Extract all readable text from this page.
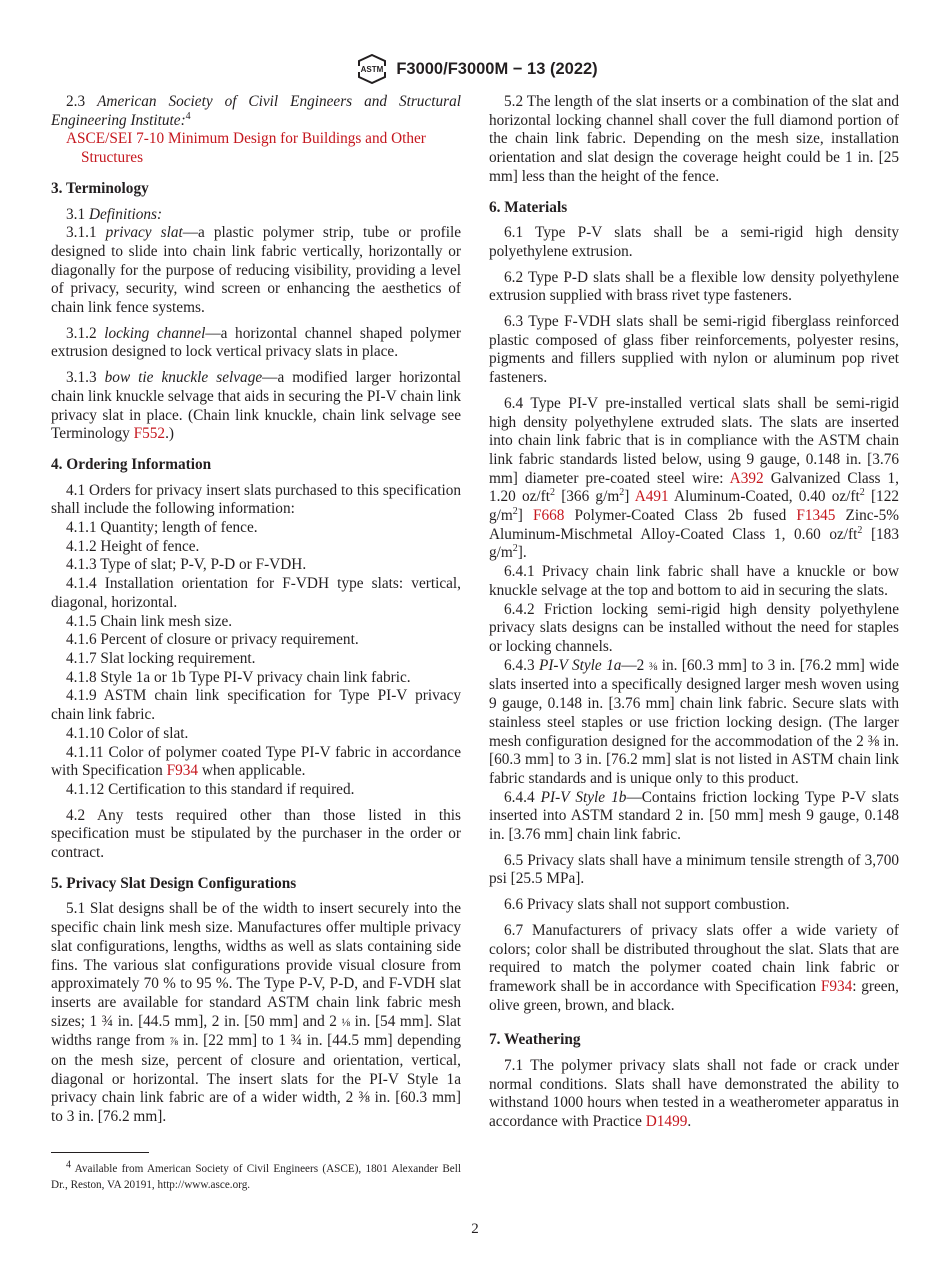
ASTM F3000/F3000M − 13 (2022)

2.3 American Society of Civil Engineers and Structural Engineering Institute:$^4$

ASCE/SEI 7-10 Minimum Design for Buildings and Other Structures

3. Terminology

3.1 Definitions:

3.1.1 privacy slat—a plastic polymer strip, tube or profile designed to slide into chain link fabric vertically, horizontally or diagonally for the purpose of reducing visibility, providing a level of privacy, security, wind screen or enhancing the aesthetics of chain link fence systems.

3.1.2 locking channel—a horizontal channel shaped polymer extrusion designed to lock vertical privacy slats in place.

3.1.3 bow tie knuckle selvage—a modified larger horizontal chain link knuckle selvage that aids in securing the PI-V chain link privacy slat in place. (Chain link knuckle, chain link selvage see Terminology F552.)

4. Ordering Information

4.1 Orders for privacy insert slats purchased to this specification shall include the following information:

4.1.1 Quantity; length of fence.

4.1.2 Height of fence.

4.1.3 Type of slat; P-V, P-D or F-VDH.

4.1.4 Installation orientation for F-VDH type slats: vertical, diagonal, horizontal.

4.1.5 Chain link mesh size.

4.1.6 Percent of closure or privacy requirement.

4.1.7 Slat locking requirement.

4.1.8 Style 1a or 1b Type PI-V privacy chain link fabric.

4.1.9 ASTM chain link specification for Type PI-V privacy chain link fabric.

4.1.10 Color of slat.

4.1.11 Color of polymer coated Type PI-V fabric in accordance with Specification F934 when applicable.

4.1.12 Certification to this standard if required.

4.2 Any tests required other than those listed in this specification must be stipulated by the purchaser in the order or contract.

5. Privacy Slat Design Configurations

5.1 Slat designs shall be of the width to insert securely into the specific chain link mesh size. Manufactures offer multiple privacy slat configurations, lengths, widths as well as slats containing side fins. The various slat configurations provide visual closure from approximately 70 % to 95 %. The Type P-V, P-D, and F-VDH slat inserts are available for standard ASTM chain link fabric mesh sizes; 1 ¾ in. [44.5 mm], 2 in. [50 mm] and 2 ⅛ in. [54 mm]. Slat widths range from ⅞ in. [22 mm] to 1 ¾ in. [44.5 mm] depending on the mesh size, percent of closure and orientation, vertical, diagonal or horizontal. The insert slats for the PI-V Style 1a privacy chain link fabric are of a wider width, 2 ⅜ in. [60.3 mm] to 3 in. [76.2 mm].

4 Available from American Society of Civil Engineers (ASCE), 1801 Alexander Bell Dr., Reston, VA 20191, http://www.asce.org.

5.2 The length of the slat inserts or a combination of the slat and horizontal locking channel shall cover the full diamond portion of the chain link fabric. Depending on the mesh size, installation orientation and slat design the coverage height could be 1 in. [25 mm] less than the height of the fence.

6. Materials

6.1 Type P-V slats shall be a semi-rigid high density polyethylene extrusion.

6.2 Type P-D slats shall be a flexible low density polyethylene extrusion supplied with brass rivet type fasteners.

6.3 Type F-VDH slats shall be semi-rigid fiberglass reinforced plastic composed of glass fiber reinforcements, polyester resins, pigments and fillers supplied with nylon or aluminum pop rivet fasteners.

6.4 Type PI-V pre-installed vertical slats shall be semi-rigid high density polyethylene extruded slats. The slats are inserted into chain link fabric that is in compliance with the ASTM chain link fabric standards listed below, using 9 gauge, 0.148 in. [3.76 mm] diameter pre-coated steel wire: A392 Galvanized Class 1, 1.20 $oz/ft^2$ [366 $g/m^2$] A491 Aluminum-Coated, 0.40 $oz/ft^2$ [122 $g/m^2$] F668 Polymer-Coated Class 2b fused F1345 Zinc-5% Aluminum-Mischmetal Alloy-Coated Class 1, 0.60 $oz/ft^2$ [183 $g/m^2$].

6.4.1 Privacy chain link fabric shall have a knuckle or bow knuckle selvage at the top and bottom to aid in securing the slats.

6.4.2 Friction locking semi-rigid high density polyethylene privacy slats designs can be installed without the need for staples or locking channels.

6.4.3 PI-V Style 1a—2 ⅜ in. [60.3 mm] to 3 in. [76.2 mm] wide slats inserted into a specifically designed larger mesh woven using 9 gauge, 0.148 in. [3.76 mm] chain link fabric. Secure slats with stainless steel staples or use friction locking design. (The larger mesh configuration designed for the accommodation of the 2 ⅜ in. [60.3 mm] to 3 in. [76.2 mm] slat is not listed in ASTM chain link fabric standards and is unique only to this product.

6.4.4 PI-V Style 1b—Contains friction locking Type P-V slats inserted into ASTM standard 2 in. [50 mm] mesh 9 gauge, 0.148 in. [3.76 mm] chain link fabric.

6.5 Privacy slats shall have a minimum tensile strength of 3,700 psi [25.5 MPa].

6.6 Privacy slats shall not support combustion.

6.7 Manufacturers of privacy slats offer a wide variety of colors; color shall be distributed throughout the slat. Slats that are required to match the polymer coated chain link fabric or framework shall be in accordance with Specification F934: green, olive green, brown, and black.

7. Weathering

7.1 The polymer privacy slats shall not fade or crack under normal conditions. Slats shall have demonstrated the ability to withstand 1000 hours when tested in a weatherometer apparatus in accordance with Practice D1499.

2
